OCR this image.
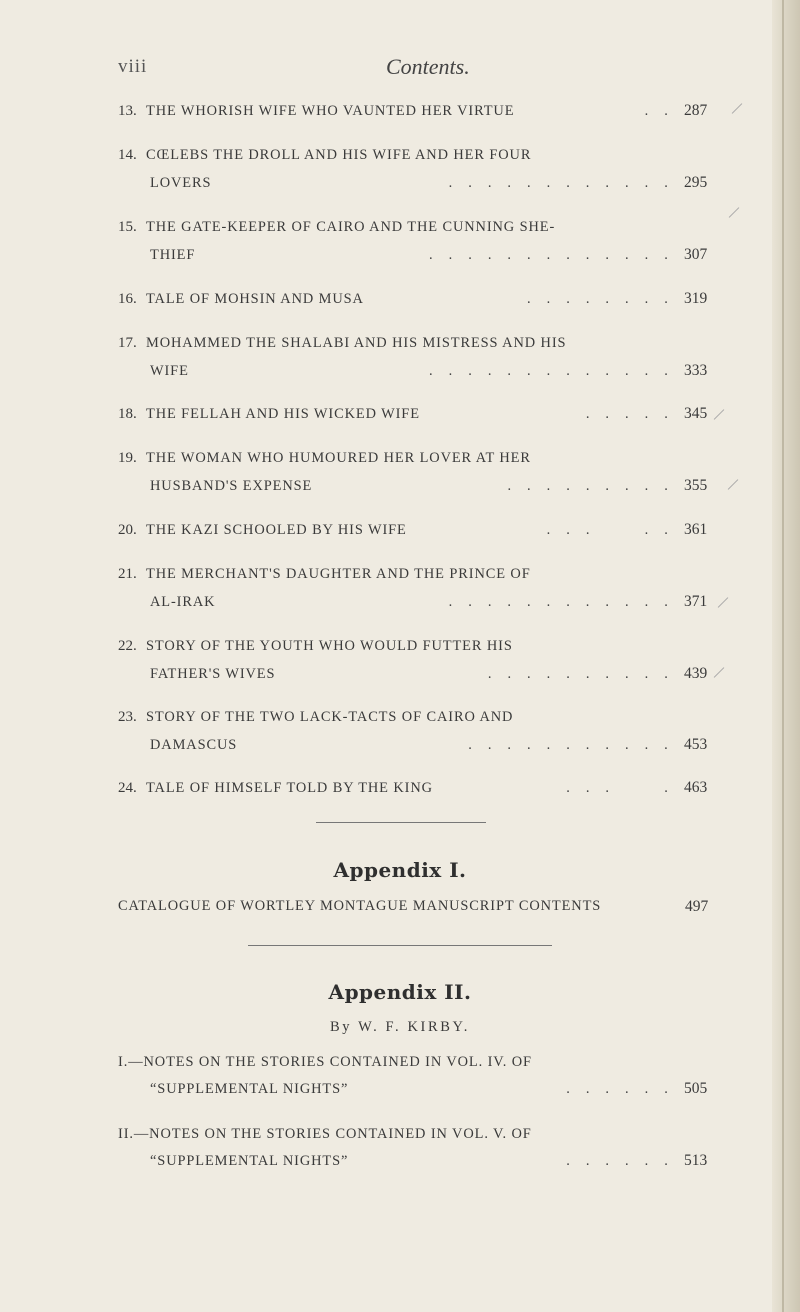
viii	Contents.
13. THE WHORISH WIFE WHO VAUNTED HER VIRTUE	. . 287
14. CŒLEBS THE DROLL AND HIS WIFE AND HER FOUR
LOVERS	. . . . . . . . . . . . 295
15. THE GATE-KEEPER OF CAIRO AND THE CUNNING SHE-
THIEF	. . . . . . . . . . . . . 307
16. TALE OF MOHSIN AND MUSA	. . . . . . . . 319
17. MOHAMMED THE SHALABI AND HIS MISTRESS AND HIS
WIFE	. . . . . . . . . . . . . 333
18. THE FELLAH AND HIS WICKED WIFE	. . . . . 345
19. THE WOMAN WHO HUMOURED HER LOVER AT HER
HUSBAND'S EXPENSE	. . . . . . . . . 355
20. THE KAZI SCHOOLED BY HIS WIFE	. . .     . . 361
21. THE MERCHANT'S DAUGHTER AND THE PRINCE OF
AL-IRAK	. . . . . . . . . . . . 371
22. STORY OF THE YOUTH WHO WOULD FUTTER HIS
FATHER'S WIVES	. . . . . . . . . . 439
23. STORY OF THE TWO LACK-TACTS OF CAIRO AND
DAMASCUS	. . . . . . . . . . . 453
24. TALE OF HIMSELF TOLD BY THE KING	. . .     . 463
Appendix I.
CATALOGUE OF WORTLEY MONTAGUE MANUSCRIPT CONTENTS	497
Appendix II.
By W. F. KIRBY.
I.—NOTES ON THE STORIES CONTAINED IN VOL. IV. OF
“SUPPLEMENTAL NIGHTS”	. . . . . . 505
II.—NOTES ON THE STORIES CONTAINED IN VOL. V. OF
“SUPPLEMENTAL NIGHTS”	. . . . . . 513
